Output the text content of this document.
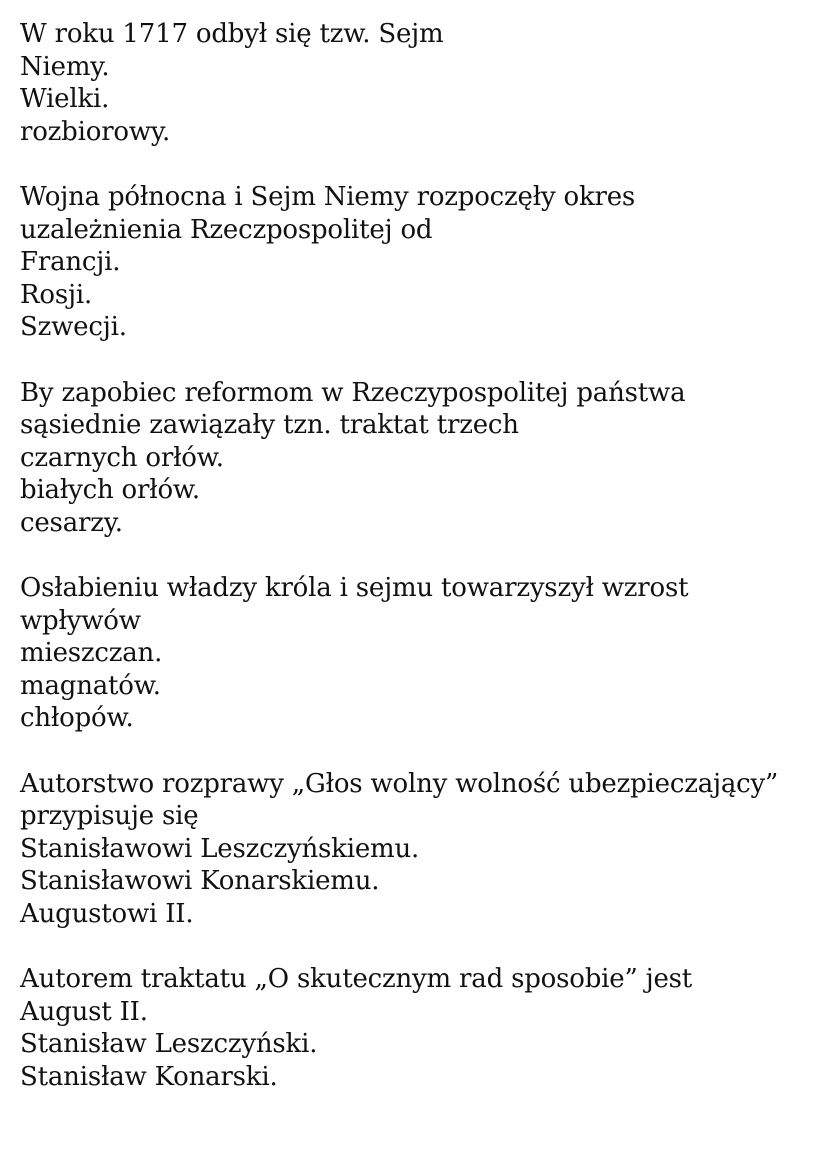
W roku 1717 odbył się tzw. Sejm

Niemy.
Wielki.
rozbiorowy.

Wojna północna i Sejm Niemy rozpoczęły okres

uzależnienia Rzeczpospolitej od

Francji.
Rosji.
Szwecji.

By zapobiec reformom w Rzeczypospolitej państwa

sąsiednie zawiązały tzn. traktat trzech

czarnych orłów.
białych orłów.
cesarzy.

Osłabieniu władzy króla i sejmu towarzyszył wzrost

wpływów

mieszczan.
magnatów.
chłopów.

Autorstwo rozprawy „Głos wolny wolność ubezpieczający”

przypisuje się

Stanisławowi Leszczyńskiemu.
Stanisławowi Konarskiemu.
Augustowi II.

Autorem traktatu „O skutecznym rad sposobie” jest

August II.
Stanisław Leszczyński.
Stanisław Konarski.
